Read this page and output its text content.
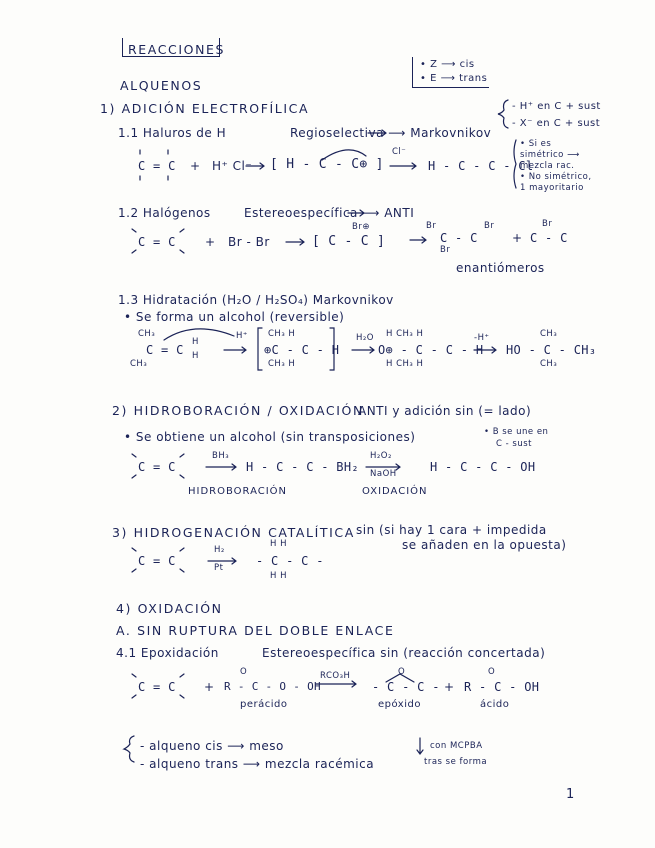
REACCIONES
• Z ⟶ cis
• E ⟶ trans
ALQUENOS
1) ADICIÓN ELECTROFÍLICA	- H⁺ en C + sust
- X⁻ en C + sust
1.1 Haluros de H	Regioselectiva ⟶ Markovnikov
C = C + H⁺ Cl⁻ [ H - C - C⊕ ]
Cl⁻
H - C - C - Cl
• Si es
simétrico ⟶
mezcla rac.
• No simétrico,
1 mayoritario
1.2 Halógenos	Estereoespecífica ⟶ ANTI
C = C + Br - Br	[ C - C ]
Br⊕	Br
C - C
Br
Br
+ C - C
Br
enantiómeros
1.3 Hidratación (H₂O / H₂SO₄) Markovnikov
• Se forma un alcohol (reversible)
CH₃
C = C
H
H
CH₃
H⁺ CH₃ H
⊕C - C - H
CH₃ H
H₂O H CH₃ H
O⊕ - C - C - H
H CH₃ H
-H⁺	CH₃
HO - C - CH₃
CH₃
2) HIDROBORACIÓN / OXIDACIÓN
ANTI y adición sin (= lado)
• Se obtiene un alcohol (sin transposiciones)	• B se une en
C - sust
C = C
BH₃
H - C - C - BH₂
H₂O₂
NaOH	H - C - C - OH
HIDROBORACIÓN	OXIDACIÓN
3) HIDROGENACIÓN CATALÍTICA sin (si hay 1 cara + impedida
se añaden en la opuesta)
C = C
H₂
Pt
H H
- C - C -
H H
4) OXIDACIÓN
A. SIN RUPTURA DEL DOBLE ENLACE
4.1 Epoxidación	Estereoespecífica sin (reacción concertada)
C = C +
O
R - C - O - OH
perácido
RCO₃H	O
- C - C -
epóxido
+
O
R - C - OH
ácido
- alqueno cis ⟶ meso
- alqueno trans ⟶ mezcla racémica
con MCPBA
tras se forma
1
